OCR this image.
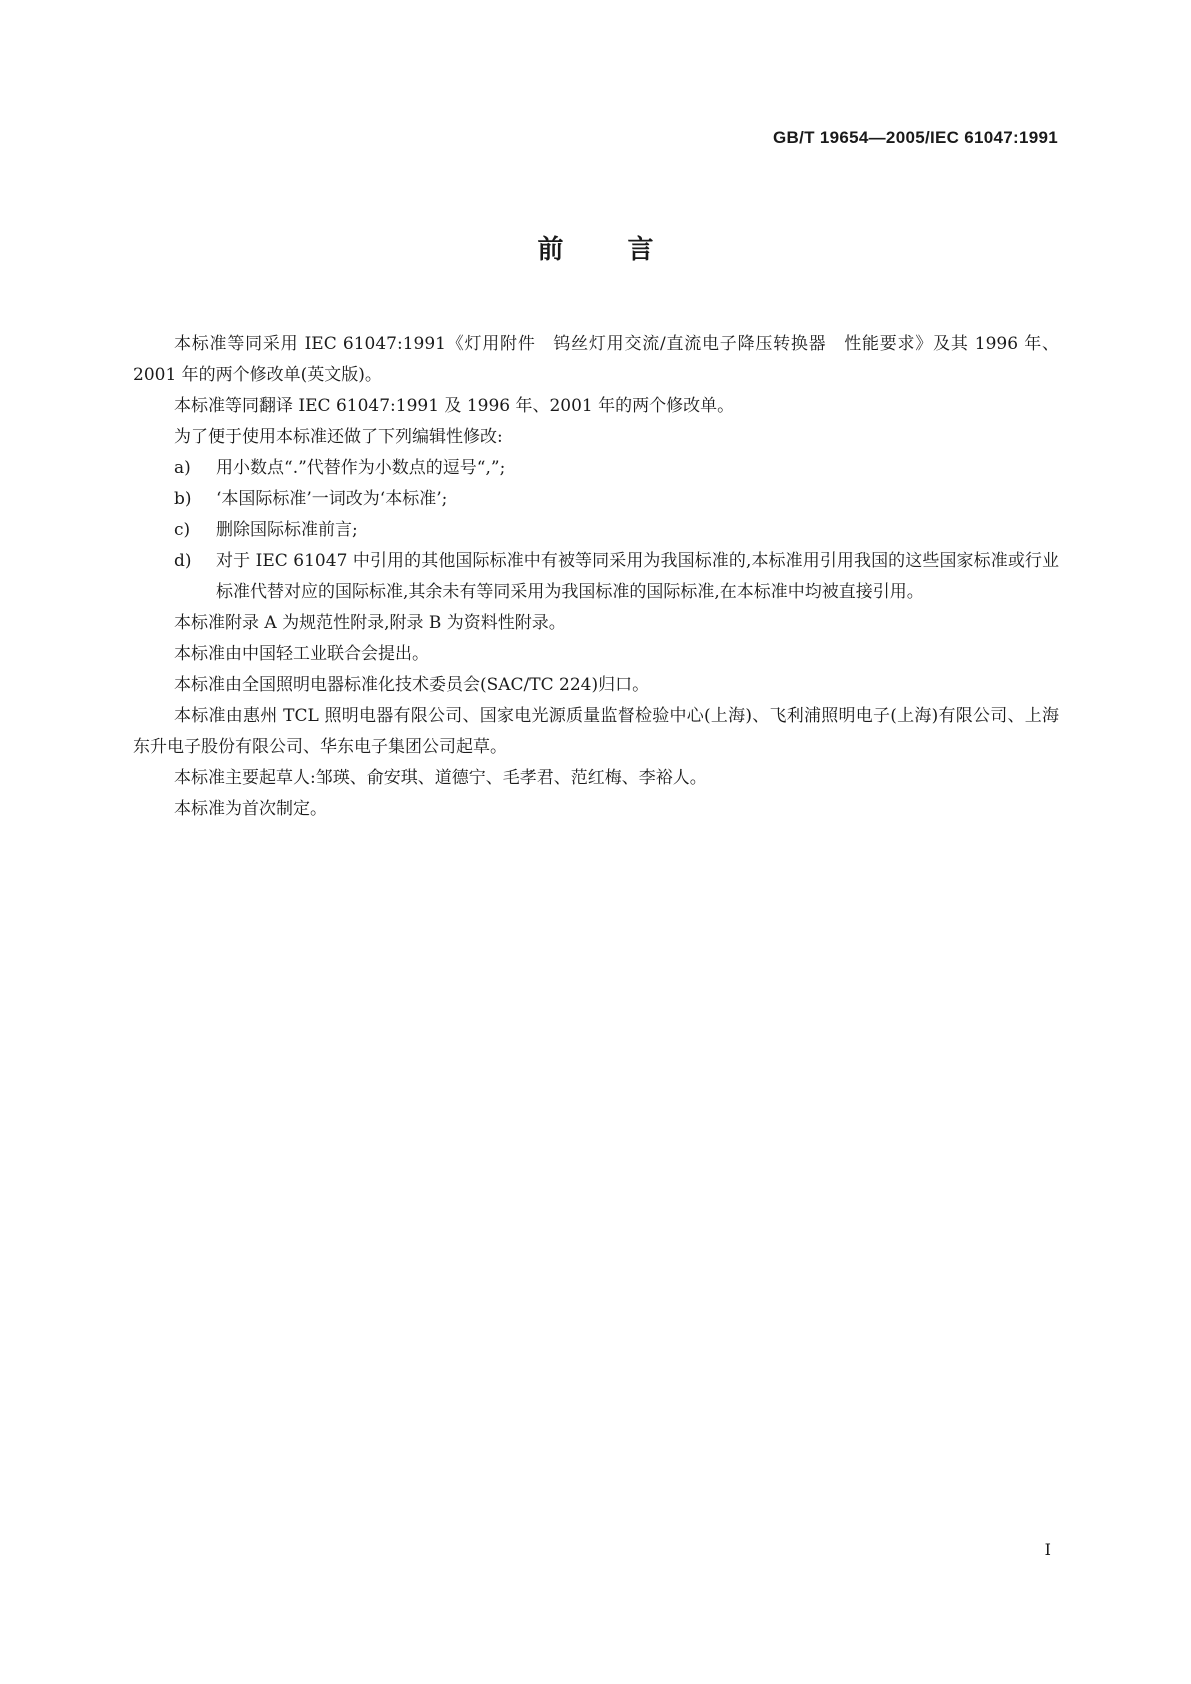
GB/T 19654—2005/IEC 61047:1991
前 言

本标准等同采用 IEC 61047:1991《灯用附件　钨丝灯用交流/直流电子降压转换器　性能要求》及其 1996 年、2001 年的两个修改单(英文版)。

本标准等同翻译 IEC 61047:1991 及 1996 年、2001 年的两个修改单。

为了便于使用本标准还做了下列编辑性修改:

a) 用小数点“.”代替作为小数点的逗号“,”;
b) ‘本国际标准’一词改为‘本标准’;
c) 删除国际标准前言;
d) 对于 IEC 61047 中引用的其他国际标准中有被等同采用为我国标准的,本标准用引用我国的这些国家标准或行业标准代替对应的国际标准,其余未有等同采用为我国标准的国际标准,在本标准中均被直接引用。

本标准附录 A 为规范性附录,附录 B 为资料性附录。

本标准由中国轻工业联合会提出。

本标准由全国照明电器标准化技术委员会(SAC/TC 224)归口。

本标准由惠州 TCL 照明电器有限公司、国家电光源质量监督检验中心(上海)、飞利浦照明电子(上海)有限公司、上海东升电子股份有限公司、华东电子集团公司起草。

本标准主要起草人:邹瑛、俞安琪、道德宁、毛孝君、范红梅、李裕人。

本标准为首次制定。

I
